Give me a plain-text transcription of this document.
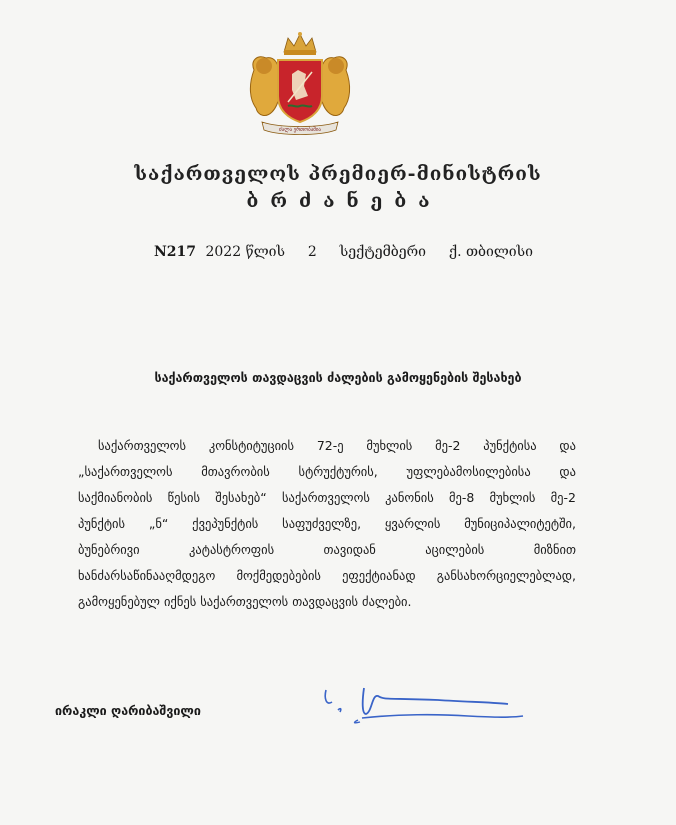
ძალა ერთობაშია
საქართველოს პრემიერ-მინისტრის
ბრძანება
N217 2022 წლის 2 სექტემბერი ქ. თბილისი
საქართველოს თავდაცვის ძალების გამოყენების შესახებ
საქართველოს კონსტიტუციის 72-ე მუხლის მე-2 პუნქტისა და
„საქართველოს მთავრობის სტრუქტურის, უფლებამოსილებისა და
საქმიანობის წესის შესახებ“ საქართველოს კანონის მე-8 მუხლის მე-2
პუნქტის „ნ“ ქვეპუნქტის საფუძველზე, ყვარლის მუნიციპალიტეტში,
ბუნებრივი კატასტროფის თავიდან აცილების მიზნით
ხანძარსაწინააღმდეგო მოქმედებების ეფექტიანად განსახორციელებლად,
გამოყენებულ იქნეს საქართველოს თავდაცვის ძალები.
ირაკლი ღარიბაშვილი
